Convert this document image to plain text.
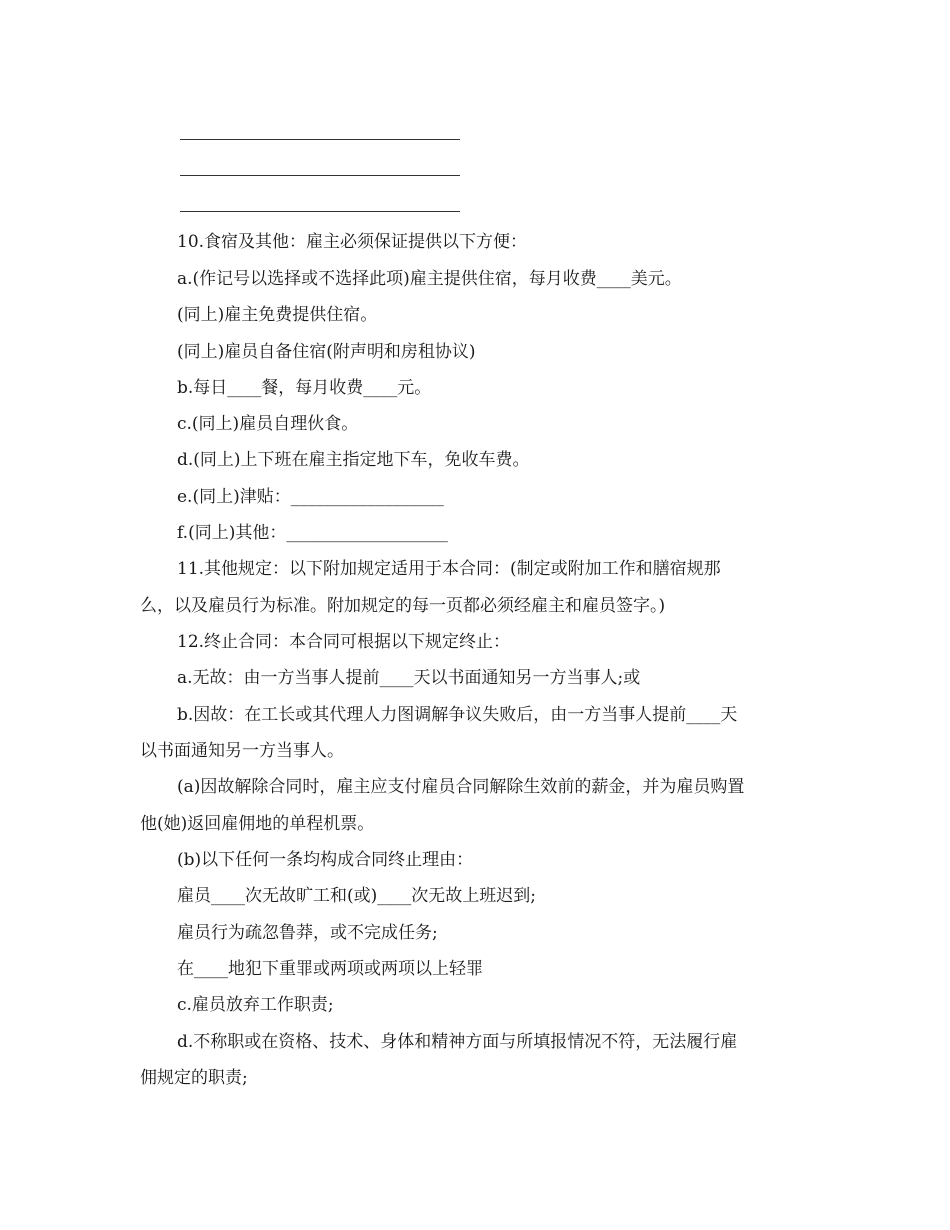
10.食宿及其他：雇主必须保证提供以下方便：
a.(作记号以选择或不选择此项)雇主提供住宿，每月收费____美元。
(同上)雇主免费提供住宿。
(同上)雇员自备住宿(附声明和房租协议)
b.每日____餐，每月收费____元。
c.(同上)雇员自理伙食。
d.(同上)上下班在雇主指定地下车，免收车费。
e.(同上)津贴：__________________
f.(同上)其他：___________________
11.其他规定：以下附加规定适用于本合同：(制定或附加工作和膳宿规那
么，以及雇员行为标准。附加规定的每一页都必须经雇主和雇员签字。)
12.终止合同：本合同可根据以下规定终止：
a.无故：由一方当事人提前____天以书面通知另一方当事人;或
b.因故：在工长或其代理人力图调解争议失败后，由一方当事人提前____天
以书面通知另一方当事人。
(a)因故解除合同时，雇主应支付雇员合同解除生效前的薪金，并为雇员购置
他(她)返回雇佣地的单程机票。
(b)以下任何一条均构成合同终止理由：
雇员____次无故旷工和(或)____次无故上班迟到;
雇员行为疏忽鲁莽，或不完成任务;
在____地犯下重罪或两项或两项以上轻罪
c.雇员放弃工作职责;
d.不称职或在资格、技术、身体和精神方面与所填报情况不符，无法履行雇
佣规定的职责;
